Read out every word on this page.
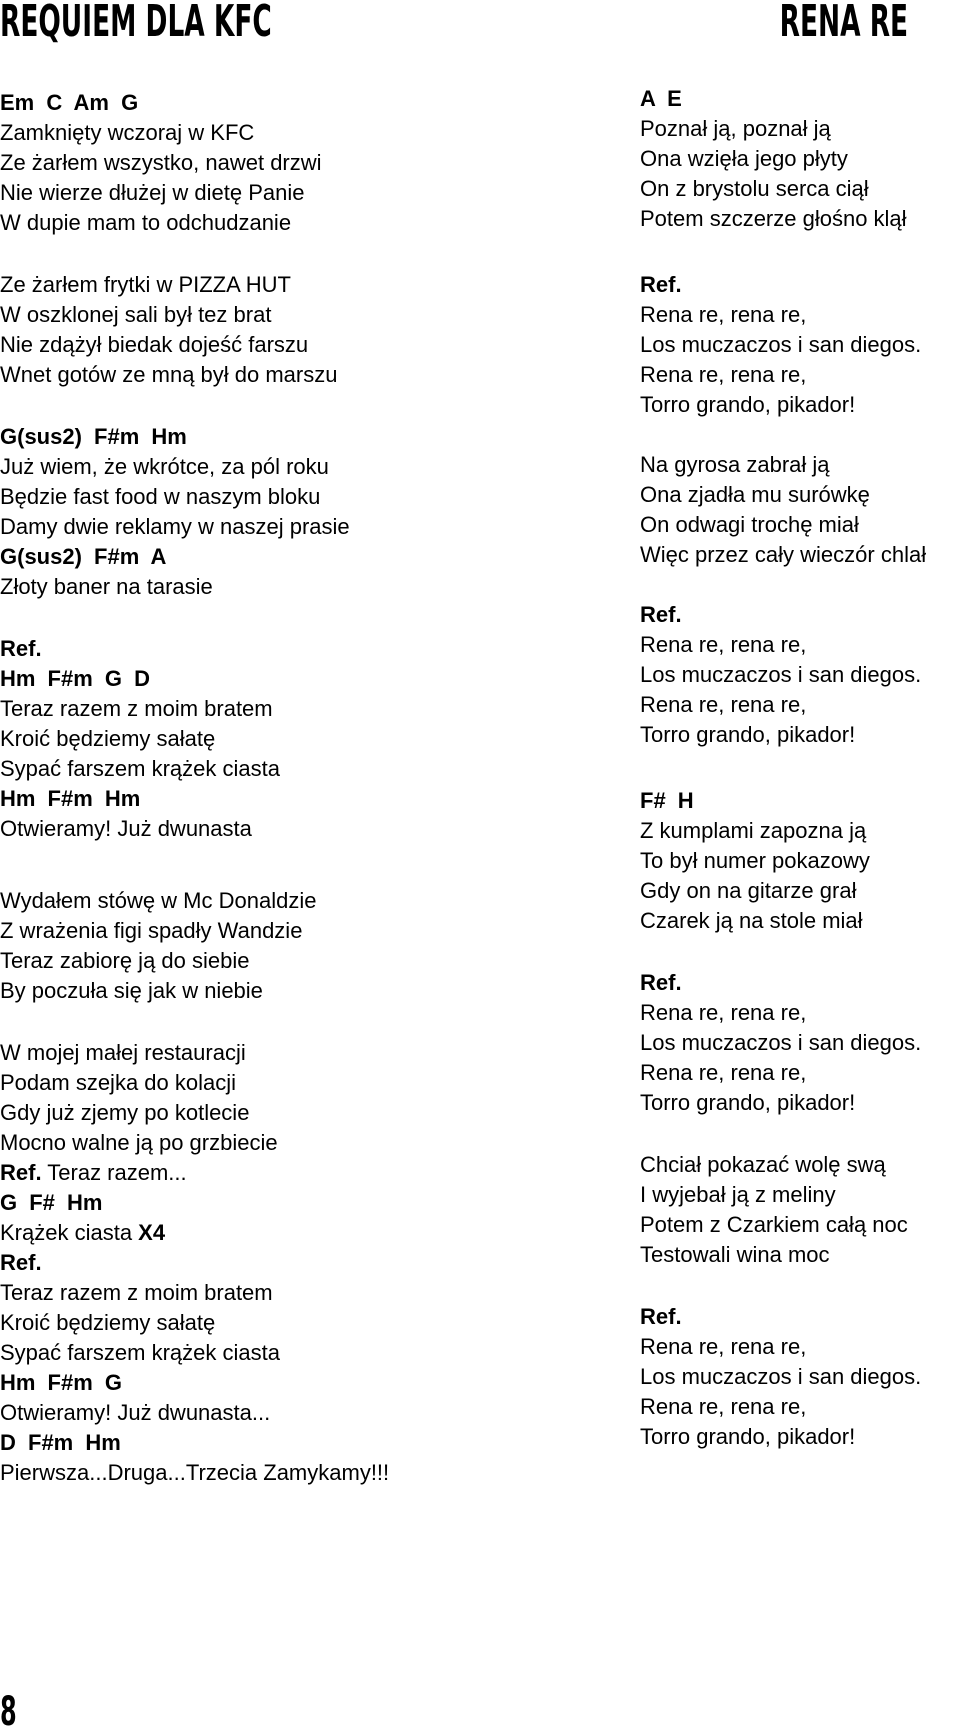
REQUIEM DLA KFC	RENA RE
Em C Am G
Zamknięty wczoraj w KFC
Ze żarłem wszystko, nawet drzwi
Nie wierze dłużej w dietę Panie
W dupie mam to odchudzanie
Ze żarłem frytki w PIZZA HUT
W oszklonej sali był tez brat
Nie zdążył biedak dojeść farszu
Wnet gotów ze mną był do marszu
G(sus2) F#m Hm
Już wiem, że wkrótce, za pól roku
Będzie fast food w naszym bloku
Damy dwie reklamy w naszej prasie
G(sus2) F#m A
Złoty baner na tarasie
Ref.
Hm F#m G D
Teraz razem z moim bratem
Kroić będziemy sałatę
Sypać farszem krążek ciasta
Hm F#m Hm
Otwieramy! Już dwunasta
Wydałem stówę w Mc Donaldzie
Z wrażenia figi spadły Wandzie
Teraz zabiorę ją do siebie
By poczuła się jak w niebie
W mojej małej restauracji
Podam szejka do kolacji
Gdy już zjemy po kotlecie
Mocno walne ją po grzbiecie
Ref. Teraz razem...
G F# Hm
Krążek ciasta X4
Ref.
Teraz razem z moim bratem
Kroić będziemy sałatę
Sypać farszem krążek ciasta
Hm F#m G
Otwieramy! Już dwunasta...
D F#m Hm
Pierwsza...Druga...Trzecia Zamykamy!!!
A E
Poznał ją, poznał ją
Ona wzięła jego płyty
On z brystolu serca ciął
Potem szczerze głośno klął
Ref.
Rena re, rena re,
Los muczaczos i san diegos.
Rena re, rena re,
Torro grando, pikador!
Na gyrosa zabrał ją
Ona zjadła mu surówkę
On odwagi trochę miał
Więc przez cały wieczór chlał
Ref.
Rena re, rena re,
Los muczaczos i san diegos.
Rena re, rena re,
Torro grando, pikador!
F# H
Z kumplami zapozna ją
To był numer pokazowy
Gdy on na gitarze grał
Czarek ją na stole miał
Ref.
Rena re, rena re,
Los muczaczos i san diegos.
Rena re, rena re,
Torro grando, pikador!
Chciał pokazać wolę swą
I wyjebał ją z meliny
Potem z Czarkiem całą noc
Testowali wina moc
Ref.
Rena re, rena re,
Los muczaczos i san diegos.
Rena re, rena re,
Torro grando, pikador!
8
